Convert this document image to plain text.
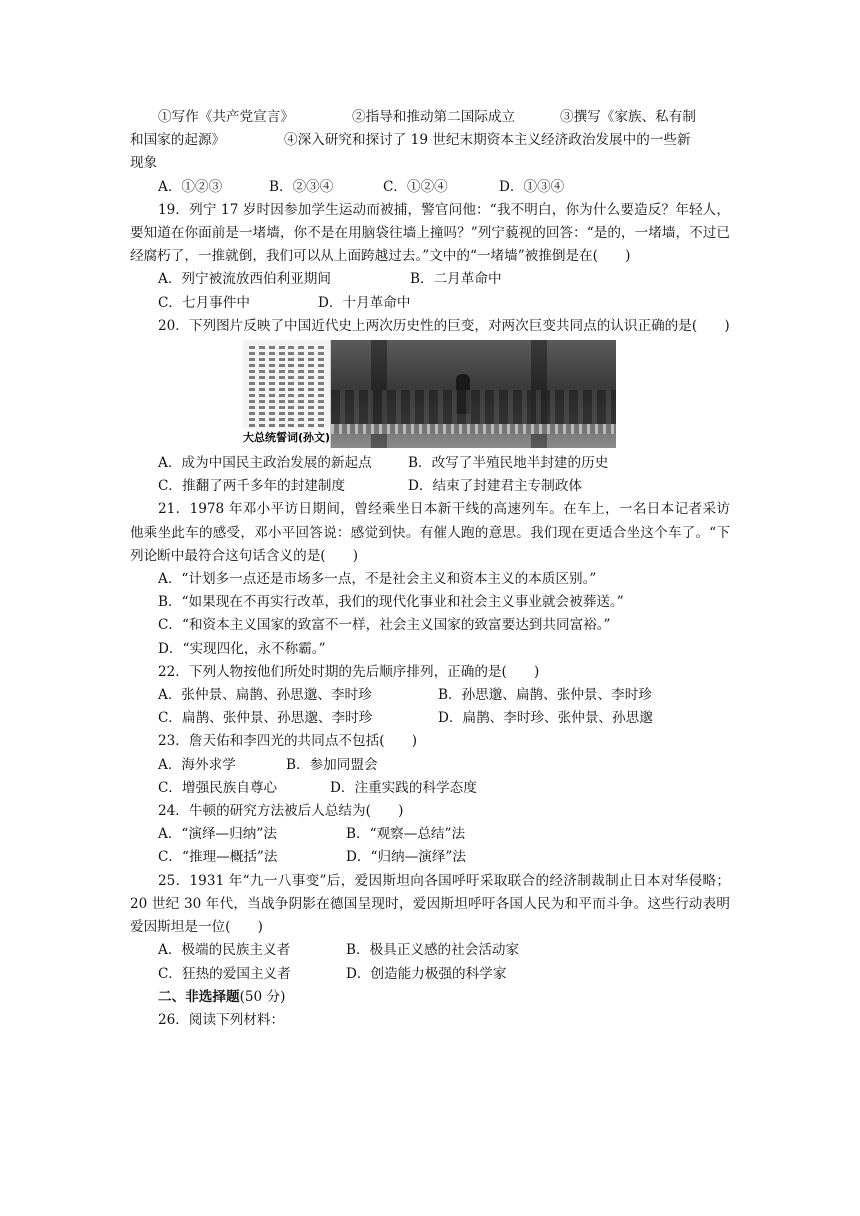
①写作《共产党宣言》	②指导和推动第二国际成立	③撰写《家族、私有制
和国家的起源》	④深入研究和探讨了 19 世纪末期资本主义经济政治发展中的一些新

现象

A．①②③	B．②③④	C．①②④	D．①③④

19．列宁 17 岁时因参加学生运动而被捕，警官问他：“我不明白，你为什么要造反？年轻人，要知道在你面前是一堵墙，你不是在用脑袋往墙上撞吗？”列宁藐视的回答：“是的，一堵墙，不过已经腐朽了，一推就倒，我们可以从上面跨越过去。”文中的“一堵墙”被推倒是在(　　)

A．列宁被流放西伯利亚期间	B．二月革命中
C．七月事件中	D．十月革命中

20．下列图片反映了中国近代史上两次历史性的巨变，对两次巨变共同点的认识正确的是(　　)

大总统誓词(孙文)
A．成为中国民主政治发展的新起点	B．改写了半殖民地半封建的历史
C．推翻了两千多年的封建制度	D．结束了封建君主专制政体

21．1978 年邓小平访日期间，曾经乘坐日本新干线的高速列车。在车上，一名日本记者采访他乘坐此车的感受，邓小平回答说：感觉到快。有催人跑的意思。我们现在更适合坐这个车了。“下列论断中最符合这句话含义的是(　　)

A．“计划多一点还是市场多一点，不是社会主义和资本主义的本质区别。”

B．“如果现在不再实行改革，我们的现代化事业和社会主义事业就会被葬送。”

C．“和资本主义国家的致富不一样，社会主义国家的致富要达到共同富裕。”

D．“实现四化，永不称霸。”

22．下列人物按他们所处时期的先后顺序排列，正确的是(　　)

A．张仲景、扁鹊、孙思邈、李时珍	B．孙思邈、扁鹊、张仲景、李时珍
C．扁鹊、张仲景、孙思邈、李时珍	D．扁鹊、李时珍、张仲景、孙思邈

23．詹天佑和李四光的共同点不包括(　　)

A．海外求学	B．参加同盟会
C．增强民族自尊心	D．注重实践的科学态度

24．牛顿的研究方法被后人总结为(　　)

A．“演绎—归纳”法	B．“观察—总结”法
C．“推理—概括”法	D．“归纳—演绎”法

25．1931 年“九一八事变”后，爱因斯坦向各国呼吁采取联合的经济制裁制止日本对华侵略；20 世纪 30 年代，当战争阴影在德国呈现时，爱因斯坦呼吁各国人民为和平而斗争。这些行动表明爱因斯坦是一位(　　)

A．极端的民族主义者	B．极具正义感的社会活动家
C．狂热的爱国主义者	D．创造能力极强的科学家

二、非选择题(50 分)

26．阅读下列材料：
